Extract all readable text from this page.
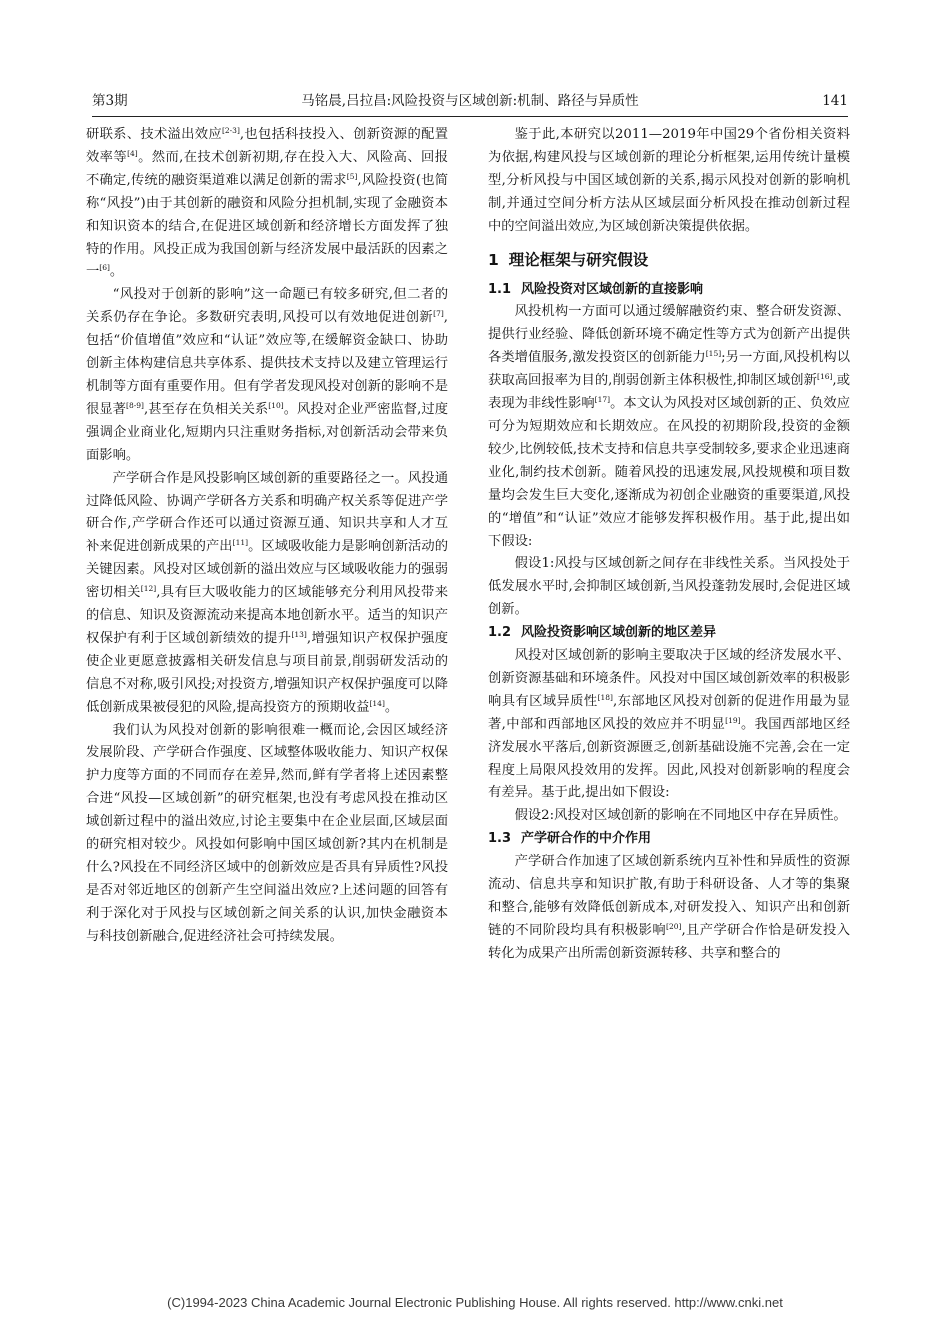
第3期	马铭晨,吕拉昌:风险投资与区域创新:机制、路径与异质性	141

研联系、技术溢出效应[2-3],也包括科技投入、创新资源的配置效率等[4]。然而,在技术创新初期,存在投入大、风险高、回报不确定,传统的融资渠道难以满足创新的需求[5],风险投资(也简称“风投”)由于其创新的融资和风险分担机制,实现了金融资本和知识资本的结合,在促进区域创新和经济增长方面发挥了独特的作用。风投正成为我国创新与经济发展中最活跃的因素之一[6]。

“风投对于创新的影响”这一命题已有较多研究,但二者的关系仍存在争论。多数研究表明,风投可以有效地促进创新[7],包括“价值增值”效应和“认证”效应等,在缓解资金缺口、协助创新主体构建信息共享体系、提供技术支持以及建立管理运行机制等方面有重要作用。但有学者发现风投对创新的影响不是很显著[8-9],甚至存在负相关关系[10]。风投对企业严密监督,过度强调企业商业化,短期内只注重财务指标,对创新活动会带来负面影响。

产学研合作是风投影响区域创新的重要路径之一。风投通过降低风险、协调产学研各方关系和明确产权关系等促进产学研合作,产学研合作还可以通过资源互通、知识共享和人才互补来促进创新成果的产出[11]。区域吸收能力是影响创新活动的关键因素。风投对区域创新的溢出效应与区域吸收能力的强弱密切相关[12],具有巨大吸收能力的区域能够充分利用风投带来的信息、知识及资源流动来提高本地创新水平。适当的知识产权保护有利于区域创新绩效的提升[13],增强知识产权保护强度使企业更愿意披露相关研发信息与项目前景,削弱研发活动的信息不对称,吸引风投;对投资方,增强知识产权保护强度可以降低创新成果被侵犯的风险,提高投资方的预期收益[14]。

我们认为风投对创新的影响很难一概而论,会因区域经济发展阶段、产学研合作强度、区域整体吸收能力、知识产权保护力度等方面的不同而存在差异,然而,鲜有学者将上述因素整合进“风投—区域创新”的研究框架,也没有考虑风投在推动区域创新过程中的溢出效应,讨论主要集中在企业层面,区域层面的研究相对较少。风投如何影响中国区域创新?其内在机制是什么?风投在不同经济区域中的创新效应是否具有异质性?风投是否对邻近地区的创新产生空间溢出效应?上述问题的回答有利于深化对于风投与区域创新之间关系的认识,加快金融资本与科技创新融合,促进经济社会可持续发展。

鉴于此,本研究以2011—2019年中国29个省份相关资料为依据,构建风投与区域创新的理论分析框架,运用传统计量模型,分析风投与中国区域创新的关系,揭示风投对创新的影响机制,并通过空间分析方法从区域层面分析风投在推动创新过程中的空间溢出效应,为区域创新决策提供依据。

1 理论框架与研究假设
1.1 风险投资对区域创新的直接影响

风投机构一方面可以通过缓解融资约束、整合研发资源、提供行业经验、降低创新环境不确定性等方式为创新产出提供各类增值服务,激发投资区的创新能力[15];另一方面,风投机构以获取高回报率为目的,削弱创新主体积极性,抑制区域创新[16],或表现为非线性影响[17]。本文认为风投对区域创新的正、负效应可分为短期效应和长期效应。在风投的初期阶段,投资的金额较少,比例较低,技术支持和信息共享受制较多,要求企业迅速商业化,制约技术创新。随着风投的迅速发展,风投规模和项目数量均会发生巨大变化,逐渐成为初创企业融资的重要渠道,风投的“增值”和“认证”效应才能够发挥积极作用。基于此,提出如下假设:

假设1:风投与区域创新之间存在非线性关系。当风投处于低发展水平时,会抑制区域创新,当风投蓬勃发展时,会促进区域创新。

1.2 风险投资影响区域创新的地区差异

风投对区域创新的影响主要取决于区域的经济发展水平、创新资源基础和环境条件。风投对中国区域创新效率的积极影响具有区域异质性[18],东部地区风投对创新的促进作用最为显著,中部和西部地区风投的效应并不明显[19]。我国西部地区经济发展水平落后,创新资源匮乏,创新基础设施不完善,会在一定程度上局限风投效用的发挥。因此,风投对创新影响的程度会有差异。基于此,提出如下假设:

假设2:风投对区域创新的影响在不同地区中存在异质性。

1.3 产学研合作的中介作用

产学研合作加速了区域创新系统内互补性和异质性的资源流动、信息共享和知识扩散,有助于科研设备、人才等的集聚和整合,能够有效降低创新成本,对研发投入、知识产出和创新链的不同阶段均具有积极影响[20],且产学研合作恰是研发投入转化为成果产出所需创新资源转移、共享和整合的

(C)1994-2023 China Academic Journal Electronic Publishing House. All rights reserved. http://www.cnki.net
